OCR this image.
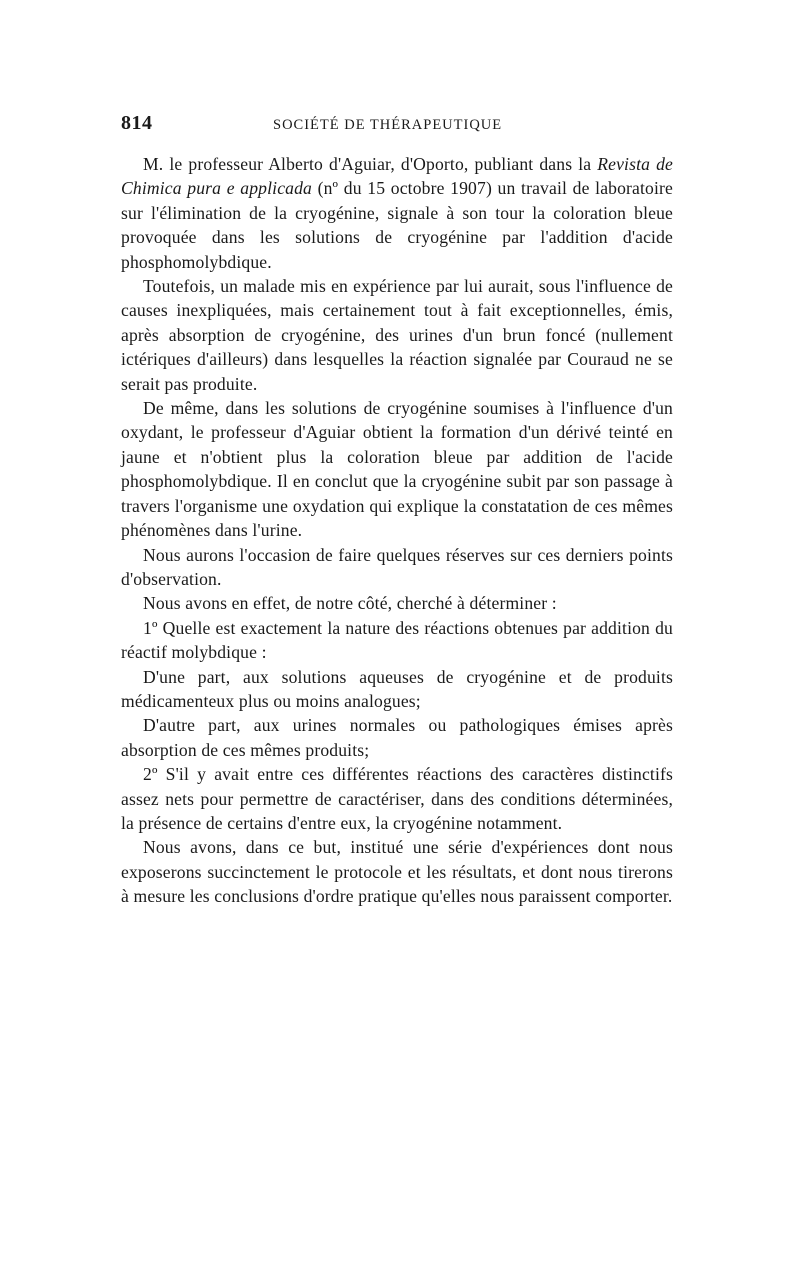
814	SOCIÉTÉ DE THÉRAPEUTIQUE

M. le professeur Alberto d'Aguiar, d'Oporto, publiant dans la Revista de Chimica pura e applicada (nº du 15 octobre 1907) un travail de laboratoire sur l'élimination de la cryogénine, signale à son tour la coloration bleue provoquée dans les solutions de cryogénine par l'addition d'acide phosphomolybdique.

Toutefois, un malade mis en expérience par lui aurait, sous l'influence de causes inexpliquées, mais certainement tout à fait exceptionnelles, émis, après absorption de cryogénine, des urines d'un brun foncé (nullement ictériques d'ailleurs) dans lesquelles la réaction signalée par Couraud ne se serait pas produite.

De même, dans les solutions de cryogénine soumises à l'influence d'un oxydant, le professeur d'Aguiar obtient la formation d'un dérivé teinté en jaune et n'obtient plus la coloration bleue par addition de l'acide phosphomolybdique. Il en conclut que la cryogénine subit par son passage à travers l'organisme une oxydation qui explique la constatation de ces mêmes phénomènes dans l'urine.

Nous aurons l'occasion de faire quelques réserves sur ces derniers points d'observation.

Nous avons en effet, de notre côté, cherché à déterminer :

1º Quelle est exactement la nature des réactions obtenues par addition du réactif molybdique :

D'une part, aux solutions aqueuses de cryogénine et de produits médicamenteux plus ou moins analogues;

D'autre part, aux urines normales ou pathologiques émises après absorption de ces mêmes produits;

2º S'il y avait entre ces différentes réactions des caractères distinctifs assez nets pour permettre de caractériser, dans des conditions déterminées, la présence de certains d'entre eux, la cryogénine notamment.

Nous avons, dans ce but, institué une série d'expériences dont nous exposerons succinctement le protocole et les résultats, et dont nous tirerons à mesure les conclusions d'ordre pratique qu'elles nous paraissent comporter.
